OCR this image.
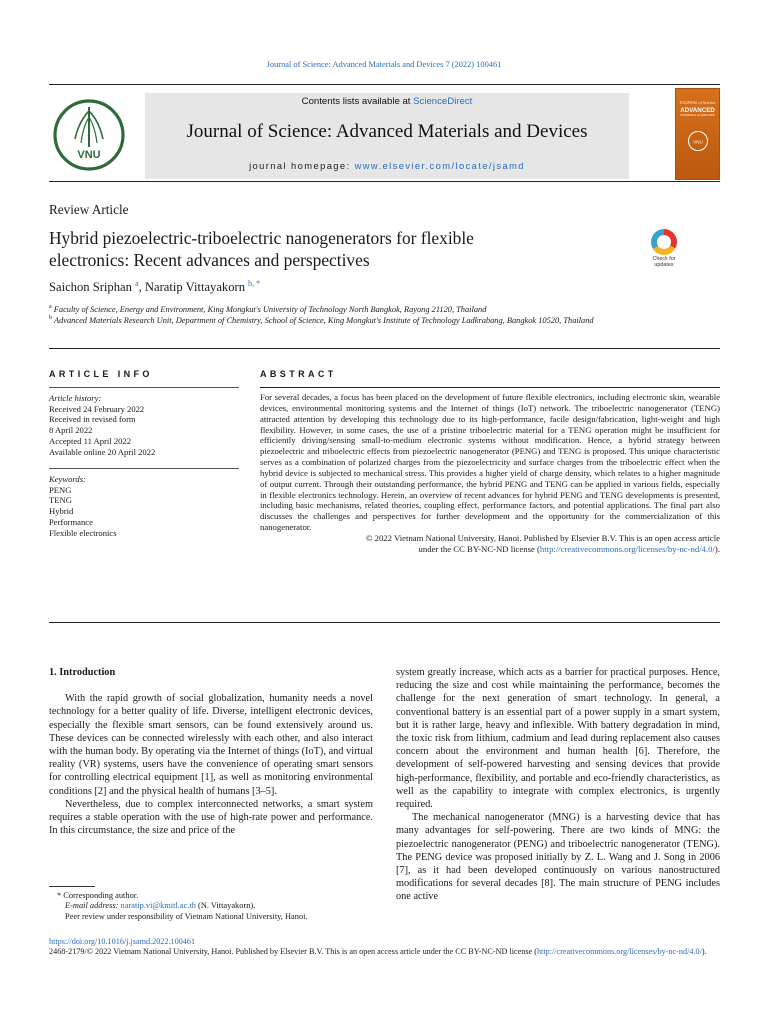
Journal of Science: Advanced Materials and Devices 7 (2022) 100461
VNU
Contents lists available at ScienceDirect
Journal of Science: Advanced Materials and Devices
journal homepage: www.elsevier.com/locate/jsamd
JOURNAL of Science
ADVANCED
MATERIALS and DEVICES
VNU
Review Article
Hybrid piezoelectric-triboelectric nanogenerators for flexible
electronics: Recent advances and perspectives	Check for
updates
Saichon Sriphan $^a$, Naratip Vittayakorn $^{b, *}$
$^a$ Faculty of Science, Energy and Environment, King Mongkut's University of Technology North Bangkok, Rayong 21120, Thailand
$^b$ Advanced Materials Research Unit, Department of Chemistry, School of Science, King Mongkut's Institute of Technology Ladkrabang, Bangkok 10520, Thailand
ARTICLE INFO	ABSTRACT
Article history:
Received 24 February 2022
Received in revised form
8 April 2022
Accepted 11 April 2022
Available online 20 April 2022
Keywords:
PENG
TENG
Hybrid
Performance
Flexible electronics
For several decades, a focus has been placed on the development of future flexible electronics, including electronic skin, wearable devices, environmental monitoring systems and the Internet of things (IoT) network. The triboelectric nanogenerator (TENG) attracted attention by developing this technology due to its high-performance, facile design/fabrication, light-weight and high flexibility. However, in some cases, the use of a pristine triboelectric material for a TENG operation might be insufficient for efficiently driving/sensing small-to-medium electronic systems without modification. Hence, a hybrid strategy between piezoelectric and triboelectric effects from piezoelectric nanogenerator (PENG) and TENG is proposed. This unique characteristic serves as a combination of polarized charges from the piezoelectricity and surface charges from the triboelectric effect when the hybrid device is subjected to mechanical stress. This provides a higher yield of charge density, which relates to a higher magnitude of output current. Through their outstanding performance, the hybrid PENG and TENG can be applied in various fields, especially in flexible electronics technology. Herein, an overview of recent advances for hybrid PENG and TENG developments is presented, including basic mechanisms, related theories, coupling effect, performance factors, and potential applications. The final part also discusses the challenges and perspectives for further development and the opportunity for the commercialization of this nanogenerator.
© 2022 Vietnam National University, Hanoi. Published by Elsevier B.V. This is an open access article
under the CC BY-NC-ND license (http://creativecommons.org/licenses/by-nc-nd/4.0/).
1. Introduction

With the rapid growth of social globalization, humanity needs a novel technology for a better quality of life. Diverse, intelligent electronic devices, especially the flexible smart sensors, can be found extensively around us. These devices can be connected wirelessly with each other, and also interact with the human body. By operating via the Internet of things (IoT), and virtual reality (VR) systems, users have the convenience of operating smart sensors for controlling electrical equipment [1], as well as monitoring environmental conditions [2] and the physical health of humans [3–5].

Nevertheless, due to complex interconnected networks, a smart system requires a stable operation with the use of high-rate power and performance. In this circumstance, the size and price of the

system greatly increase, which acts as a barrier for practical purposes. Hence, reducing the size and cost while maintaining the performance, becomes the challenge for the next generation of smart technology. In general, a conventional battery is an essential part of a power supply in a smart system, but it is rather large, heavy and inflexible. With battery degradation in mind, the toxic risk from lithium, cadmium and lead during replacement also causes concern about the environment and human health [6]. Therefore, the development of self-powered harvesting and sensing devices that provide high-performance, flexibility, and portable and eco-friendly characteristics, as well as the capability to integrate with complex electronics, is urgently required.

The mechanical nanogenerator (MNG) is a harvesting device that has many advantages for self-powering. There are two kinds of MNG: the piezoelectric nanogenerator (PENG) and triboelectric nanogenerator (TENG). The PENG device was proposed initially by Z. L. Wang and J. Song in 2006 [7], as it had been developed continuously on various nanostructured modifications for several decades [8]. The main structure of PENG includes one active

* Corresponding author.
E-mail address: naratip.vi@kmitl.ac.th (N. Vittayakorn).
Peer review under responsibility of Vietnam National University, Hanoi.
https://doi.org/10.1016/j.jsamd.2022.100461
2468-2179/© 2022 Vietnam National University, Hanoi. Published by Elsevier B.V. This is an open access article under the CC BY-NC-ND license (http://creativecommons.org/licenses/by-nc-nd/4.0/).
